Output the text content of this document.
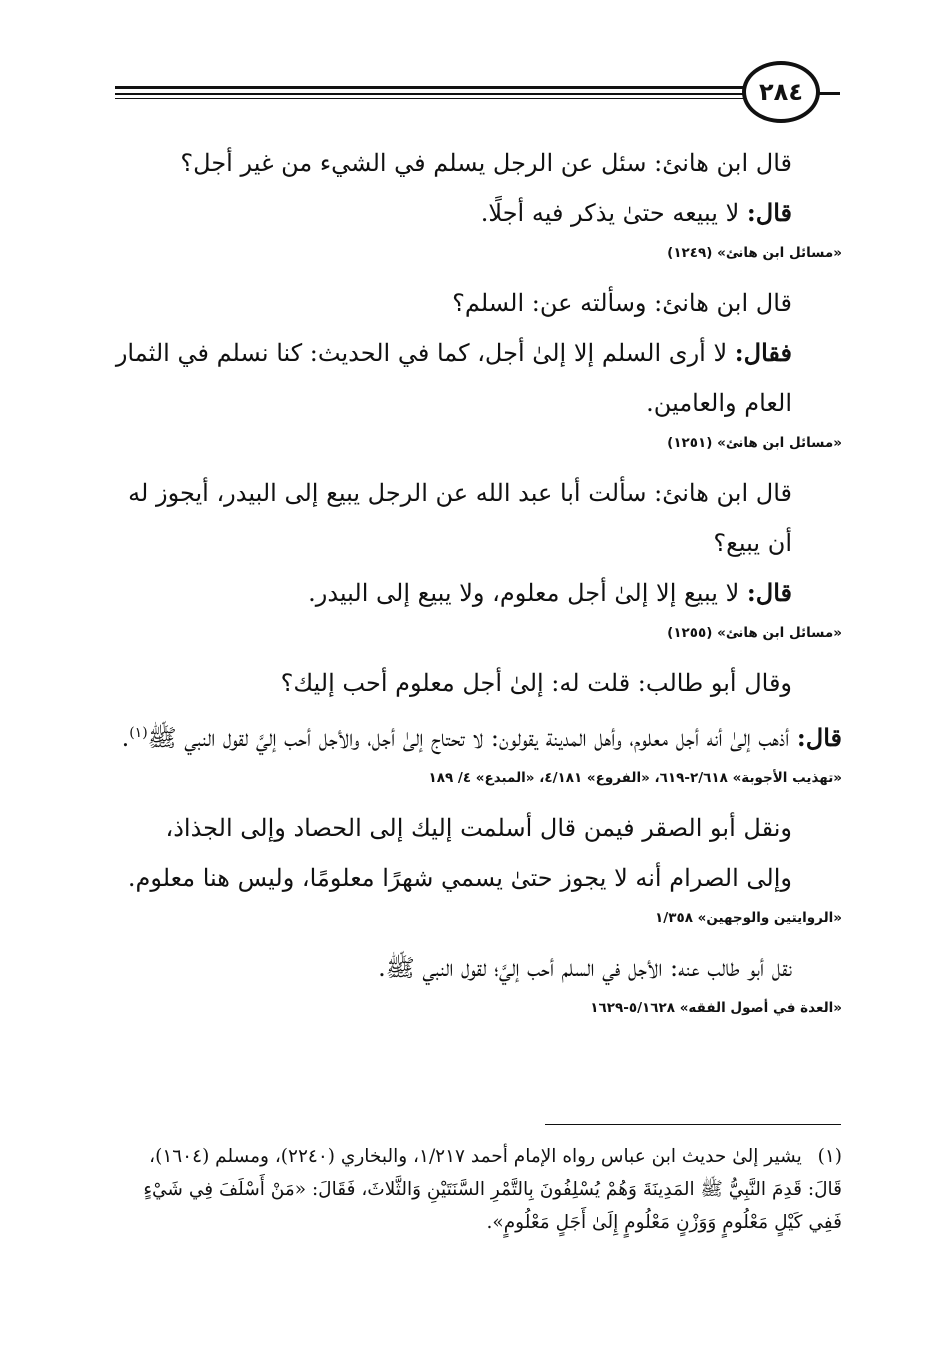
٢٨٤

قال ابن هانئ: سئل عن الرجل يسلم في الشيء من غير أجل؟

قال: لا يبيعه حتىٰ يذكر فيه أجلًا.

«مسائل ابن هانئ» (١٢٤٩)

قال ابن هانئ: وسألته عن: السلم؟

فقال: لا أرى السلم إلا إلىٰ أجل، كما في الحديث: كنا نسلم في الثمار العام والعامين.

«مسائل ابن هانئ» (١٢٥١)

قال ابن هانئ: سألت أبا عبد الله عن الرجل يبيع إلى البيدر، أيجوز له أن يبيع؟

قال: لا يبيع إلا إلىٰ أجل معلوم، ولا يبيع إلى البيدر.

«مسائل ابن هانئ» (١٢٥٥)

وقال أبو طالب: قلت له: إلىٰ أجل معلوم أحب إليك؟

قال: أذهب إلىٰ أنه أجل معلوم، وأهل المدينة يقولون: لا تحتاج إلىٰ أجل، والأجل أحب إليَّ لقول النبي ﷺ$^{(١)}$.

«تهذيب الأجوبة» ٢/٦١٨-٦١٩، «الفروع» ٤/١٨١، «المبدع» ٤/ ١٨٩

ونقل أبو الصقر فيمن قال أسلمت إليك إلى الحصاد وإلى الجذاذ، وإلى الصرام أنه لا يجوز حتىٰ يسمي شهرًا معلومًا، وليس هنا معلوم.

«الروايتين والوجهين» ١/٣٥٨

نقل أبو طالب عنه: الأجل في السلم أحب إليَّ؛ لقول النبي ﷺ.

«العدة في أصول الفقه» ٥/١٦٢٨-١٦٢٩
(١) يشير إلىٰ حديث ابن عباس رواه الإمام أحمد ١/٢١٧، والبخاري (٢٢٤٠)، ومسلم (١٦٠٤)، قَالَ: قَدِمَ النَّبِيُّ ﷺ المَدِينَةَ وَهُمْ يُسْلِفُونَ بِالتَّمْرِ السَّنَتَيْنِ وَالثَّلاثَ، فَقَالَ: «مَنْ أَسْلَفَ فِي شَيْءٍ فَفِي كَيْلٍ مَعْلُومٍ وَوَزْنٍ مَعْلُومٍ إِلَىٰ أَجَلٍ مَعْلُومٍ».
